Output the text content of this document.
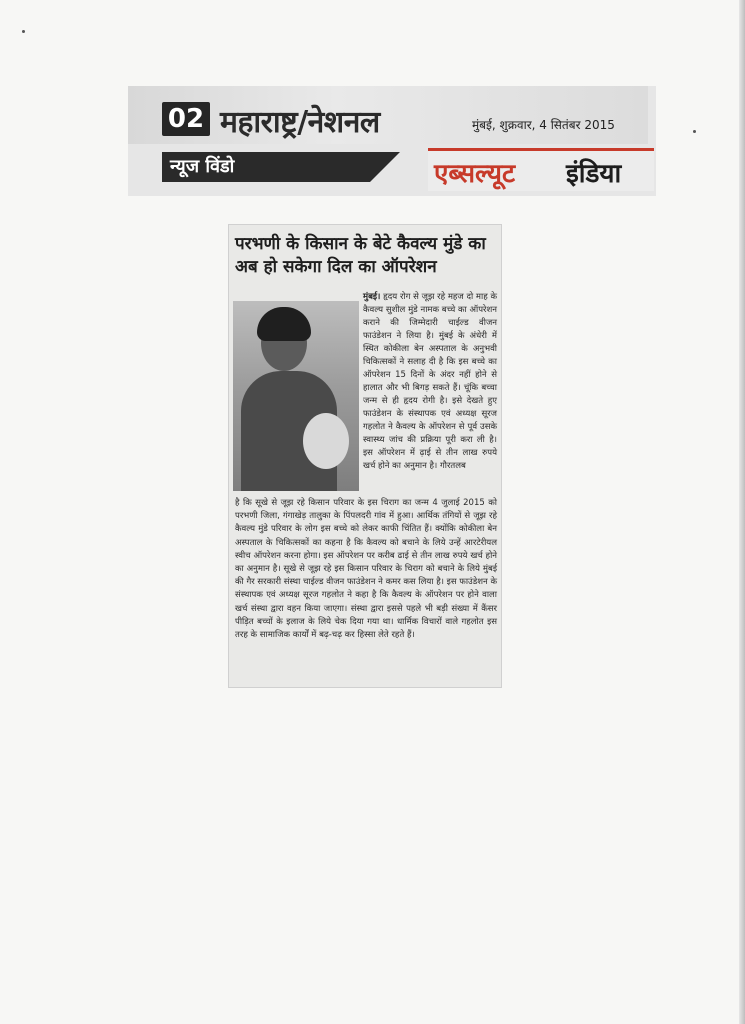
02 महाराष्ट्र/नेशनल	मुंबई, शुक्रवार, 4 सितंबर 2015
न्यूज विंडो	एब्सल्यूट इंडिया
परभणी के किसान के बेटे कैवल्य मुंडे का अब हो सकेगा दिल का ऑपरेशन
मुंबई। हृदय रोग से जूझ रहे महज दो माह के कैवल्य सुशील मुंडे नामक बच्चे का ऑपरेशन कराने की जिम्मेदारी चाईल्ड वीजन फाउंडेशन ने लिया है। मुंबई के अंधेरी में स्थित कोकीला बेन अस्पताल के अनुभवी चिकित्सकों ने सलाह दी है कि इस बच्चे का ऑपरेशन 15 दिनों के अंदर नहीं होने से हालात और भी बिगड़ सकते हैं। चूंकि बच्चा जन्म से ही हृदय रोगी है। इसे देखते हुए फाउंडेशन के संस्थापक एवं अध्यक्ष सूरज गहलोत ने कैवल्य के ऑपरेशन से पूर्व उसके स्वास्थ्य जांच की प्रक्रिया पूरी करा ली है। इस ऑपरेशन में ढ़ाई से तीन लाख रुपये खर्च होने का अनुमान है। गौरतलब
है कि सूखे से जूझ रहे किसान परिवार के इस चिराग का जन्म 4 जुलाई 2015 को परभणी जिला, गंगाखेड़ तालुका के पिंपलदरी गांव में हुआ। आर्थिक तंगियों से जूझ रहे कैवल्य मुंडे परिवार के लोग इस बच्चे को लेकर काफी चिंतित हैं। क्योंकि कोकीला बेन अस्पताल के चिकित्सकों का कहना है कि कैवल्य को बचाने के लिये उन्हें आरटेरीयल स्वीच ऑपरेशन करना होगा। इस ऑपरेशन पर करीब ढाई से तीन लाख रुपये खर्च होने का अनुमान है। सूखे से जूझ रहे इस किसान परिवार के चिराग को बचाने के लिये मुंबई की गैर सरकारी संस्था चाईल्ड वीजन फाउंडेशन ने कमर कस लिया है। इस फाउंडेशन के संस्थापक एवं अध्यक्ष सूरज गहलोत ने कहा है कि कैवल्य के ऑपरेशन पर होने वाला खर्च संस्था द्वारा वहन किया जाएगा। संस्था द्वारा इससे पहले भी बड़ी संख्या में कैंसर पीड़ित बच्चों के इलाज के लिये चेक दिया गया था। धार्मिक विचारों वाले गहलोत इस तरह के सामाजिक कार्यों में बढ़-चढ़ कर हिस्सा लेते रहते हैं।
